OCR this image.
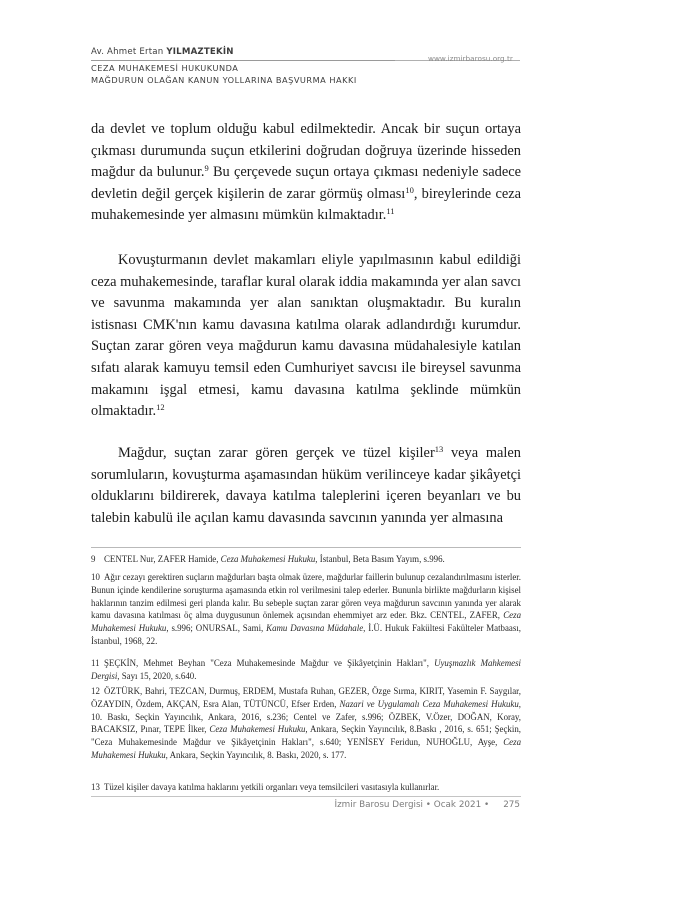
Av. Ahmet Ertan YILMAZTEKİN
www.izmirbarosu.org.tr
CEZA MUHAKEMESİ HUKUKUNDA
MAĞDURUN OLAĞAN KANUN YOLLARINA BAŞVURMA HAKKI

da devlet ve toplum olduğu kabul edilmektedir. Ancak bir suçun ortaya çıkması durumunda suçun etkilerini doğrudan doğruya üzerinde hisseden mağdur da bulunur.$^9$ Bu çerçevede suçun ortaya çıkması nedeniyle sadece devletin değil gerçek kişilerin de zarar görmüş olması$^{10}$, bireylerinde ceza muhakemesinde yer almasını mümkün kılmaktadır.$^{11}$

Kovuşturmanın devlet makamları eliyle yapılmasının kabul edildiği ceza muhakemesinde, taraflar kural olarak iddia makamında yer alan savcı ve savunma makamında yer alan sanıktan oluşmaktadır. Bu kuralın istisnası CMK'nın kamu davasına katılma olarak adlandırdığı kurumdur. Suçtan zarar gören veya mağdurun kamu davasına müdahalesiyle katılan sıfatı alarak kamuyu temsil eden Cumhuriyet savcısı ile bireysel savunma makamını işgal etmesi, kamu davasına katılma şeklinde mümkün olmaktadır.$^{12}$

Mağdur, suçtan zarar gören gerçek ve tüzel kişiler$^{13}$ veya malen sorumluların, kovuşturma aşamasından hüküm verilinceye kadar şikâyetçi olduklarını bildirerek, davaya katılma taleplerini içeren beyanları ve bu talebin kabulü ile açılan kamu davasında savcının yanında yer almasına

9 CENTEL Nur, ZAFER Hamide, Ceza Muhakemesi Hukuku, İstanbul, Beta Basım Yayım, s.996.
10 Ağır cezayı gerektiren suçların mağdurları başta olmak üzere, mağdurlar faillerin bulunup cezalandırılmasını isterler. Bunun içinde kendilerine soruşturma aşamasında etkin rol verilmesini talep ederler. Bununla birlikte mağdurların kişisel haklarının tanzim edilmesi geri planda kalır. Bu sebeple suçtan zarar gören veya mağdurun savcının yanında yer alarak kamu davasına katılması öç alma duygusunun önlemek açısından ehemmiyet arz eder. Bkz. CENTEL, ZAFER, Ceza Muhakemesi Hukuku, s.996; ONURSAL, Sami, Kamu Davasına Müdahale, İ.Ü. Hukuk Fakültesi Fakülteler Matbaası, İstanbul, 1968, 22.
11 ŞEÇKİN, Mehmet Beyhan "Ceza Muhakemesinde Mağdur ve Şikâyetçinin Hakları", Uyuşmazlık Mahkemesi Dergisi, Sayı 15, 2020, s.640.
12 ÖZTÜRK, Bahri, TEZCAN, Durmuş, ERDEM, Mustafa Ruhan, GEZER, Özge Sırma, KIRIT, Yasemin F. Saygılar, ÖZAYDIN, Özdem, AKÇAN, Esra Alan, TÜTÜNCÜ, Efser Erden, Nazari ve Uygulamalı Ceza Muhakemesi Hukuku, 10. Baskı, Seçkin Yayıncılık, Ankara, 2016, s.236; Centel ve Zafer, s.996; ÖZBEK, V.Özer, DOĞAN, Koray, BACAKSIZ, Pınar, TEPE İlker, Ceza Muhakemesi Hukuku, Ankara, Seçkin Yayıncılık, 8.Baskı , 2016, s. 651; Şeçkin, "Ceza Muhakemesinde Mağdur ve Şikâyetçinin Hakları", s.640; YENİSEY Feridun, NUHOĞLU, Ayşe, Ceza Muhakemesi Hukuku, Ankara, Seçkin Yayıncılık, 8. Baskı, 2020, s. 177.
13 Tüzel kişiler davaya katılma haklarını yetkili organları veya temsilcileri vasıtasıyla kullanırlar.
İzmir Barosu Dergisi • Ocak 2021 • 275
